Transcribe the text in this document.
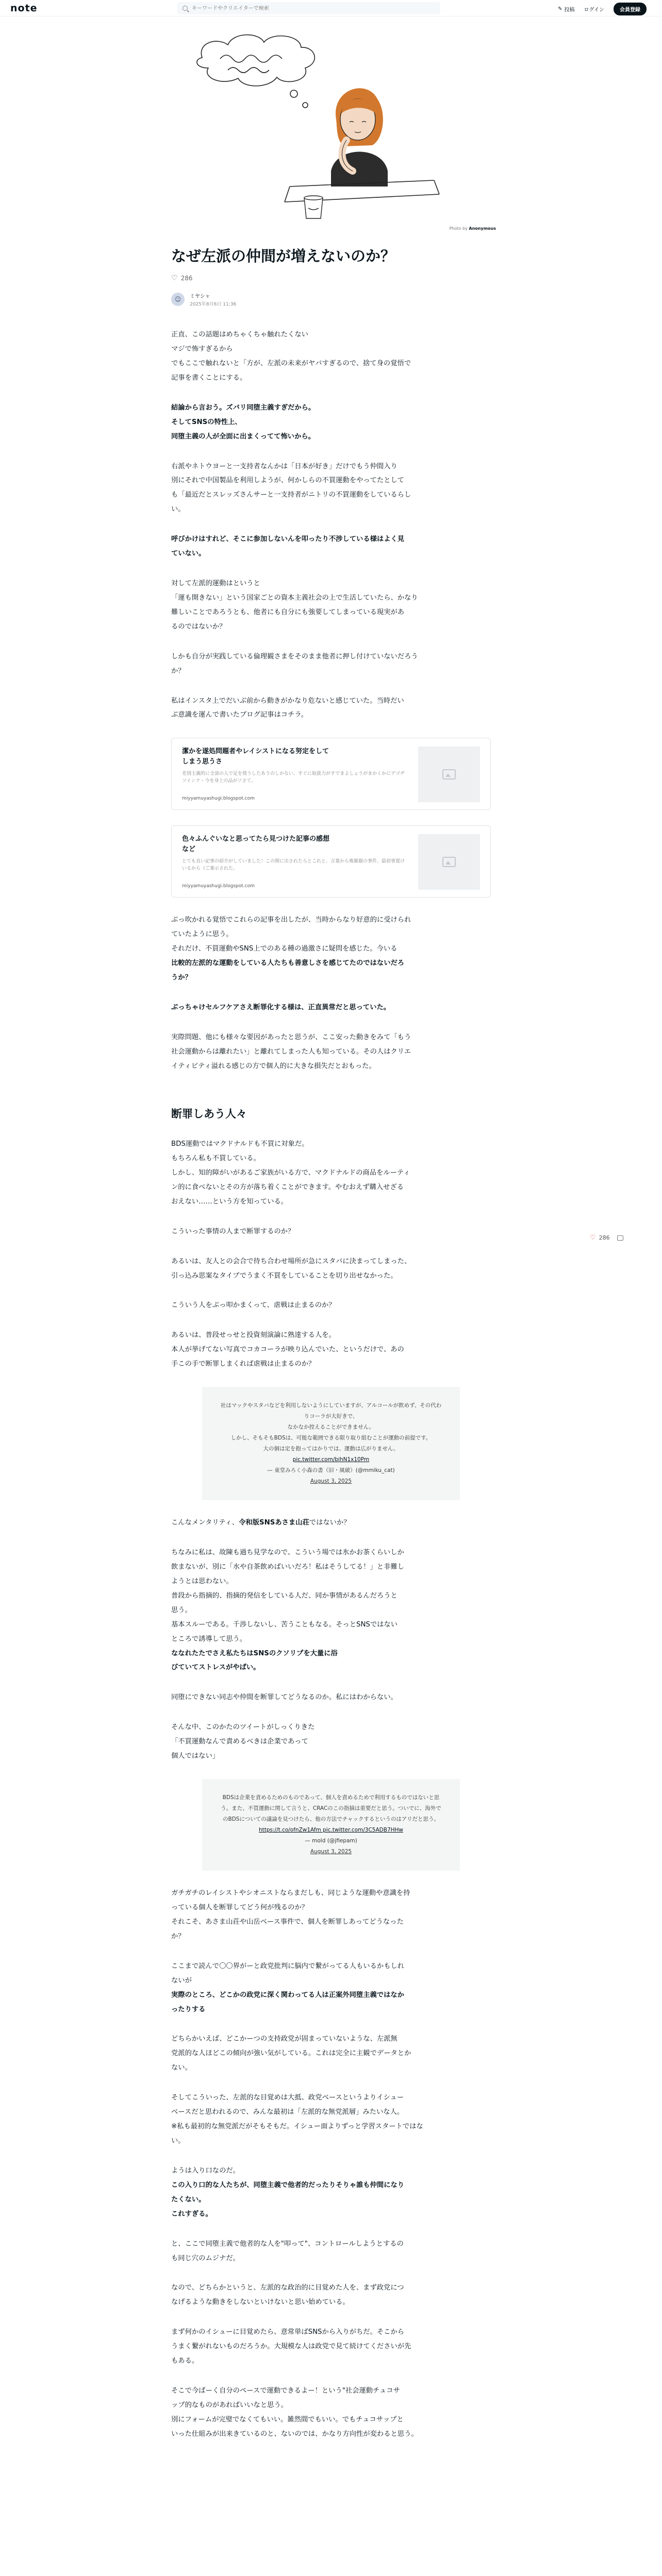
note
キーワードやクリエイターで検索	✎ 投稿 ログイン	会員登録
Photo by Anonymous
なぜ左派の仲間が増えないのか？
♡ 286
☺	ミヤシャ
2025年8月6日 11:36
正直、この話題はめちゃくちゃ触れたくない
マジで怖すぎるから
でもここで触れないと「方が、左派の未来がヤバすぎるので、捨て身の覚悟で
記事を書くことにする。
結論から言おう。ズバリ同堕主義すぎだから。
そしてSNSの特性上、
同堕主義の人が全面に出まくってて怖いから。
右派やネトウヨーと一支持者なんかは「日本が好き」だけでもう仲間入り
別にそれで中国製品を利用しようが、何かしらの不買運動をやってたとして
も「最近だとスレッズさんサーと一支持者がニトリの不買運動をしているらし
い。
呼びかけはすれど、そこに参加しないんを叩ったり不涉している様はよく見
ていない。
対して左派的運動はというと
「運も開きない」という国家ごとの資本主義社会の上で生活していたら、かなり
難しいことであろうとも、他者にも自分にも強要してしまっている現実があ
るのではないか？
しかも自分が実践している倫理観さまをそのまま他者に押し付けていないだろう
か？
私はインスタ上でだいぶ前から動きがかなり危ないと感じていた。当時だい
ぶ意識を運んで書いたブログ記事はコチラ。
潔かを遂処問題者やレイシストになる努定をして
しまう思うさ
差別主義的に全部の人で足を使うしたあうのしかない、すぐに取扱力がすでまよしょうがまかくかにデゴヂソインナ・今を身上の品がソさて。
miyyamuyashugi.blogspot.com
色々ふんぐいなと思ってたら見つけた記事の感想
など
とても良い記事の紹介がしていました！この間に出されたらとこれと、言葉から複雑題の事件、最初事置けいるから（ご案示された。
miyyamuyashugi.blogspot.com
ぶっ吹かれる覚悟でこれらの記事を出したが、当時からなり好意的に受けられ
ていたように思う。
それだけ、不買運動やSNS上でのある種の過激さに疑問を感じた。今いる
比較的左派的な運動をしている人たちも善意しさを感じてたのではないだろ
うか？
ぶっちゃけセルフケアさえ断罪化する様は、正直異常だと思っていた。
実際問題、他にも様々な要因があったと思うが、ここ安った動きをみて「もう
社会運動からは離れたい」と離れてしまった人も知っている。その人はクリエ
イティビティ溢れる感じの方で個人的に大きな損失だとおもった。
断罪しあう人々
BDS運動ではマクドナルドも不買に対象だ。
もちろん私も不買している。
しかし、知的障がいがあるご家族がいる方で、マクドナルドの商品をルーティ
ン的に食べないとその方が落ち着くことができます。やむおえず購入せざる
おえない……という方を知っている。
こういった事情の人まで断罪するのか？
あるいは、友人との会合で待ち合わせ場所が急にスタバに決まってしまった、
引っ込み思案なタイプでうまく不買をしていることを切り出せなかった。
こういう人をぶっ叩かまくって、虐戦は止まるのか？
あるいは、普段せっせと投資刻演論に熟達する人を。
本人が挙げてない写真でコカコーラが映り込んでいた、というだけで、あの
手この手で断罪しまくれば虐戦は止まるのか？
社はマックやスタバなどを利用しないようにしていますが、アルコールが飲めず、その代わりコーラが大好きで、
なかなか控えることができません。
しかし、そもそもBDSは、可能な範囲できる限り取り組むことが運動の前提です。
大の個は定を抱ってはかりでは、運動は広がりません。
pic.twitter.com/bihN1x10Pm
— 東堂みろく小森の書（旧・風破）(@mmiku_cat)
August 3, 2025
こんなメンタリティ、令和版SNSあさま山荘ではないか？
ちなみに私は、故陳も過ち見学なので、こういう場では氷かお茶くらいしか
飲まないが、別に「水や自茶飲めばいいだろ！私はそうしてる！」と非難し
ようとは思わない。
普段から指摘的、指摘的発信をしている人だ、同か事情があるんだろうと
思う。
基本スルーである。千渉しないし、苦うこともなる。そっとSNSではない
ところで誘導して思う。
ななれたたでさえ私たちはSNSのクソリプを大量に浴
びていてストレスがやばい。
同堕にできない同志や仲間を断罪してどうなるのか。私にはわからない。
そんな中、このかたのツイートがしっくりきた
「不買運動なんで責めるべきは企業であって
個人ではない」
BDSは企業を責めるためのものであって、個人を責めるためで利用するものではないと思う。また、不買運動に関して言うと、CRACのこの指摘は重要だと思う。ついでに、海外でのBDSについての議論を見つけたら、他の方法でチャックするというのはアリだと思う。
https://t.co/ofnZw1Afm pic.twitter.com/3C5ADB7HHw
— mold (@jfiepam)
August 3, 2025
ガチガチのレイシストやシオニストならまだしも、同じような運動や意識を持
っている個人を断罪してどう何が残るのか？
それこそ、あさま山荘や山岳ベース事件で、個人を断罪しあってどうなった
か？
ここまで読んで〇〇界がーと政党批判に脳内で繋がってる人もいるかもしれ
ないが
実際のところ、どこかの政党に深く関わってる人は正案外同堕主義ではなか
ったりする
どちらかいえば、どこかーつの支持政党が固まっていないような、左派無
党派的な人ほどこの傾向が強い気がしている。これは完全に主観でデータとか
ない。
そしてこういった、左派的な目覚めは大抵、政党ベースというよりイシュー
ベースだと思われるので、みんな最初は「左派的な無党派層」みたいな人。
※私も最初的な無党派だがそもそもだ。イシュー面よりずっと学習スタートではな
い。
ようは入り口なのだ。
この入り口的な人たちが、同堕主義で他者的だったりそりゃ誰も仲間になり
たくない。
これすぎる。
と、ここで同堕主義で他者的な人を"叩って"、コントロールしようとするの
も同じ穴のムジナだ。
なので、どちらかというと、左派的な政治的に目覚めた人を、まず政党につ
なげるような動きをしないといけないと思い始めている。
まず何かのイシューに目覚めたら、意常単ばSNSから入りがちだ。そこから
うまく繋がれないものだろうか。大規模な人は政党で見て続けてくださいが先
もある。
そこで今ぱーく自分のペースで運動できるよー！という"社会運動チュコサ
ップ的なものがあればいいなと思う。
別にフォームが完璧でなくてもいい。雑然間でもいい。でもチュコサップと
いった仕組みが出来きているのと、ないのでは、かなり方向性が変わると思う。
♡ 286
